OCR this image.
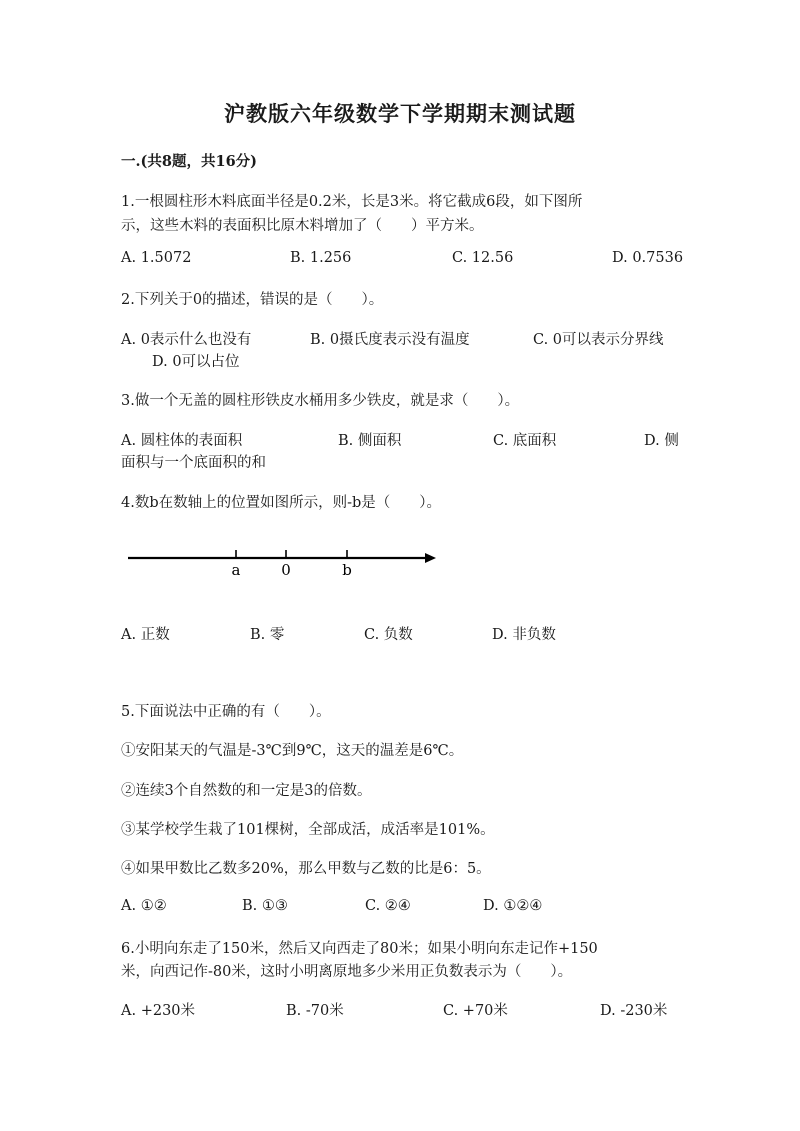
沪教版六年级数学下学期期末测试题
一.(共8题，共16分)
1.一根圆柱形木料底面半径是0.2米，长是3米。将它截成6段，如下图所
示，这些木料的表面积比原木料增加了（　　）平方米。
A. 1.5072	B. 1.256	C. 12.56	D. 0.7536
2.下列关于0的描述，错误的是（　　）。
A. 0表示什么也没有	B. 0摄氏度表示没有温度	C. 0可以表示分界线
D. 0可以占位
3.做一个无盖的圆柱形铁皮水桶用多少铁皮，就是求（　　）。
A. 圆柱体的表面积	B. 侧面积	C. 底面积	D. 侧
面积与一个底面积的和
4.数b在数轴上的位置如图所示，则-b是（　　）。
a	0	b
A. 正数	B. 零	C. 负数	D. 非负数
5.下面说法中正确的有（　　）。
①安阳某天的气温是-3℃到9℃，这天的温差是6℃。
②连续3个自然数的和一定是3的倍数。
③某学校学生栽了101棵树，全部成活，成活率是101%。
④如果甲数比乙数多20%，那么甲数与乙数的比是6：5。
A. ①②	B. ①③	C. ②④	D. ①②④
6.小明向东走了150米，然后又向西走了80米；如果小明向东走记作+150
米，向西记作-80米，这时小明离原地多少米用正负数表示为（　　）。
A. +230米	B. -70米	C. +70米	D. -230米
